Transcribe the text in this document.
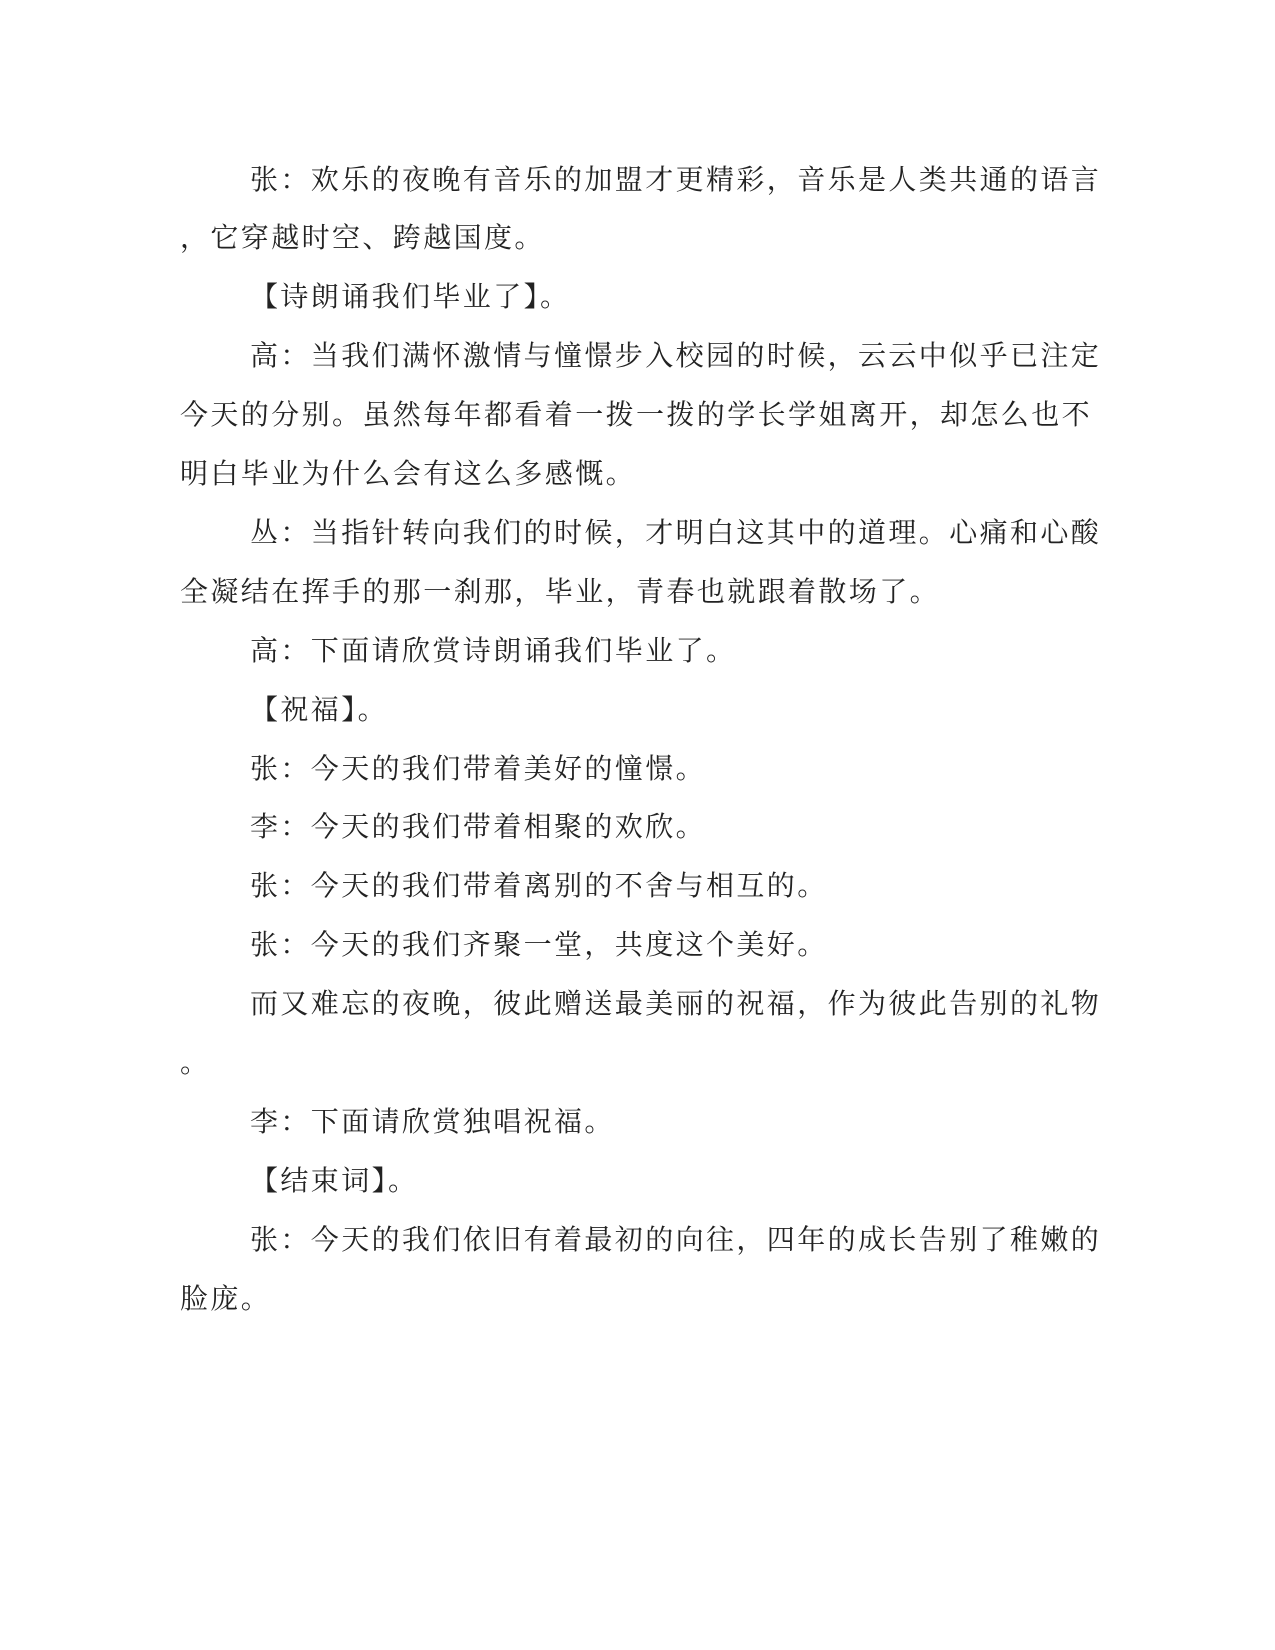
张：欢乐的夜晚有音乐的加盟才更精彩，音乐是人类共通的语言
，它穿越时空、跨越国度。
【诗朗诵我们毕业了】。
高：当我们满怀激情与憧憬步入校园的时候，云云中似乎已注定
今天的分别。虽然每年都看着一拨一拨的学长学姐离开，却怎么也不
明白毕业为什么会有这么多感慨。
丛：当指针转向我们的时候，才明白这其中的道理。心痛和心酸
全凝结在挥手的那一刹那，毕业，青春也就跟着散场了。
高：下面请欣赏诗朗诵我们毕业了。
【祝福】。
张：今天的我们带着美好的憧憬。
李：今天的我们带着相聚的欢欣。
张：今天的我们带着离别的不舍与相互的。
张：今天的我们齐聚一堂，共度这个美好。
而又难忘的夜晚，彼此赠送最美丽的祝福，作为彼此告别的礼物
。
李：下面请欣赏独唱祝福。
【结束词】。
张：今天的我们依旧有着最初的向往，四年的成长告别了稚嫩的
脸庞。
